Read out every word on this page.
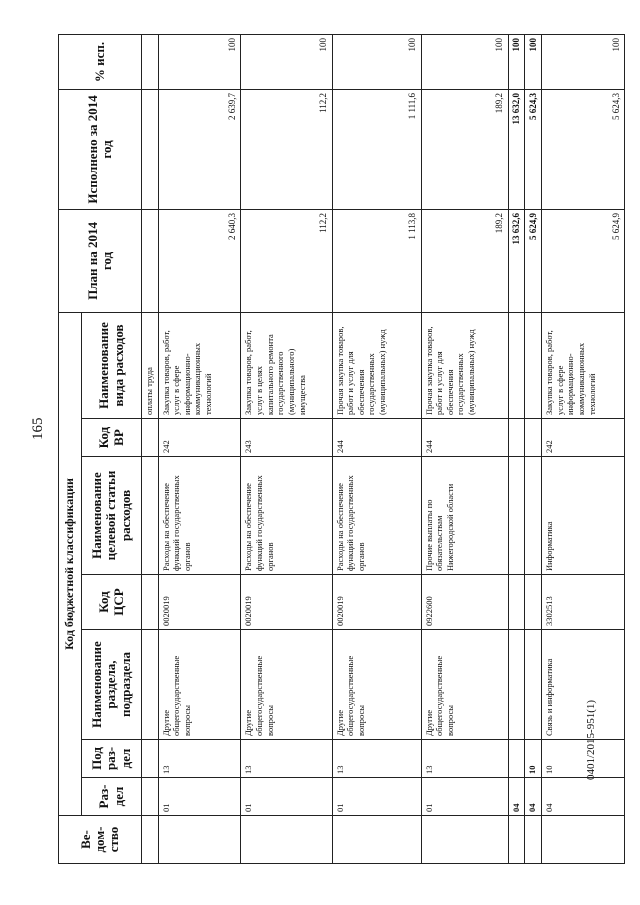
165
0401/2015-951(1)
Ве-дом-ство	Код бюджетной классификации							План на 2014 год	Исполнено за 2014 год	% исп.
	Раз-дел	Под раз-дел	Наименование раздела, подраздела	Код ЦСР	Наименование целевой статьи расходов	Код ВР	Наименование вида расходов			
							оплаты труда			
	01	13	Другие общегосударственные вопросы	0020019	Расходы на обеспечение функций государственных органов	242	Закупка товаров, работ, услуг в сфере информационно-коммуникационных технологий	2 640,3	2 639,7	100
	01	13	Другие общегосударственные вопросы	0020019	Расходы на обеспечение функций государственных органов	243	Закупка товаров, работ, услуг в целях капитального ремонта государственного (муниципального) имущества	112,2	112,2	100
	01	13	Другие общегосударственные вопросы	0020019	Расходы на обеспечение функций государственных органов	244	Прочая закупка товаров, работ и услуг для обеспечения государственных (муниципальных) нужд	1 113,8	1 111,6	100
	01	13	Другие общегосударственные вопросы	0922600	Прочие выплаты по обязательствам Нижегородской области	244	Прочая закупка товаров, работ и услуг для обеспечения государственных (муниципальных) нужд	189,2	189,2	100
	04							13 632,6	13 632,0	100
	04	10						5 624,9	5 624,3	100
	04	10	Связь и информатика	3302513	Информатика	242	Закупка товаров, работ, услуг в сфере информационно-коммуникационных технологий	5 624,9	5 624,3	100
